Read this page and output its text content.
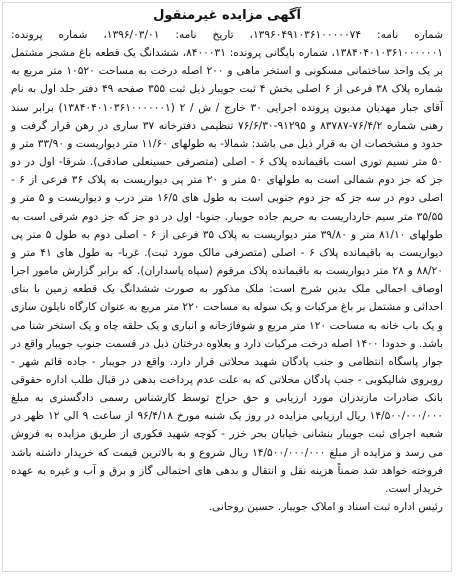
آگهی مزایده غیرمنقول

شماره نامه: ۱۳۹۶۰۴۹۱۰۳۶۱۰۰۰۰۰۷۴، تاریخ نامه: ۱۳۹۶/۰۳/۰۱، شماره پرونده: ۱۳۸۴۰۴۰۱۰۳۶۱۰۰۰۰۰۰۱، شماره بایگانی پرونده: ۸۴۰۰۰۳۱، ششدانگ یک قطعه باغ مشجر مشتمل بر یک واحد ساختمانی مسکونی و استخر ماهی و ۲۰۰ اصله درخت به مساحت ۱۰۵۲۰ متر مربع به شماره پلاک ۳۸ فرعی از ۶ اصلی بخش ۴ ثبت جویبار ذیل ثبت ۳۵۵ صفحه ۴۹ دفتر جلد اول به نام آقای جبار مهدیان مدیون پرونده اجرایی ۳۰ خارج / ش / ۲ (۱۳۸۴۰۴۰۱۰۳۶۱۰۰۰۰۰۰۱) برابر سند رهنی شماره ۷۶/۴/۲-۸۳۷۸۷ و ۹۱۲۹۵-۷۶/۶/۳۰ تنظیمی دفترخانه ۳۷ ساری در رهن قرار گرفت و حدود و مشخصات ان به قرار ذیل می باشد: شمالا- به طولهای ۱۱/۶۰ متر دیواریست و ۳۳/۹۰ متر و ۵۰ متر نسیم توری است باقیمانده پلاک ۶ - اصلی (متصرفی حسینعلی صادقی). شرقا- اول در دو جز که جز دوم شمالی است به طولهای ۵۰ متر و ۲۰ متر پی دیواریست به پلاک ۳۶ فرعی از ۶ - اصلی دوم در سه جز که جز دوم جنوبی است به طول های ۱۶/۵ متر درب و دیواریست و ۵ متر و ۳۵/۵۵ متر سیم خارداریست به حریم جاده جویبار. جنوبا- اول در دو جز که جز دوم شرقی است به طولهای ۸۱/۱۰ متر و ۳۹/۸۰ متر دیواریست به پلاک ۳۵ فرعی از ۶ - اصلی دوم به طول ۵ متر پی دیواریست به باقیمانده پلاک ۶ - اصلی (متصرفی مالک مورد ثبت). غربا- به طول های ۴۱ متر و ۸۸/۲۰ و ۲۸ متر دیواریست به باقیمانده پلاک مرقوم (سپاه پاسداران). که برابر گزارش مامور اجرا اوصاف اجمالی ملک بدین شرح است: ملک مذکور به صورت ششدانگ یک قطعه زمین با بنای احداثی و مشتمل بر باغ مرکبات و یک سوله به مساحت ۲۲۰ متر مربع به عنوان کارگاه نایلون سازی و یک باب خانه به مساحت ۱۲۰ متر مربع و شوفاژخانه و انباری و یک حلقه چاه و یک استخر شنا می باشد. و حدودا ۱۴۰۰ اصله درخت مرکبات دارد و بعلاوه درختان ذیل در قسمت جنوب جویبار واقع در جوار پاسگاه انتظامی و جنب پادگان شهید محلاتی قرار دارد. واقع در جویبار - جاده قائم شهر - روبروی شالیکوبی - جنب پادگان محلاتی که به علت عدم پرداخت بدهی در قبال طلب اداره حقوقی بانک صادرات مازندران مورد ارزیابی و حق حراج توسط کارشناس رسمی دادگستری به مبلغ ۱۴/۵۰۰/۰۰۰/۰۰۰ ریال ارزیابی مزایده در روز یک شنبه مورخ ۹۶/۴/۱۸ از ساعت ۹ الی ۱۲ ظهر در شعبه اجرای ثبت جویبار بنشانی خیابان بحر خزر - کوچه شهید فکوری از طریق مزایده به فروش می رسد و مزایده از مبلغ ۱۴/۵۰۰/۰۰۰/۰۰۰ ریال شروع و به بالاترین قیمت که خریدار داشته باشد فروخته خواهد شد ضمناً هزینه نقل و انتقال و بدهی های احتمالی گاز و برق و آب و غیره به عهده خریدار است.

رئیس اداره ثبت اسناد و املاک جویبار. حسین روحانی.
